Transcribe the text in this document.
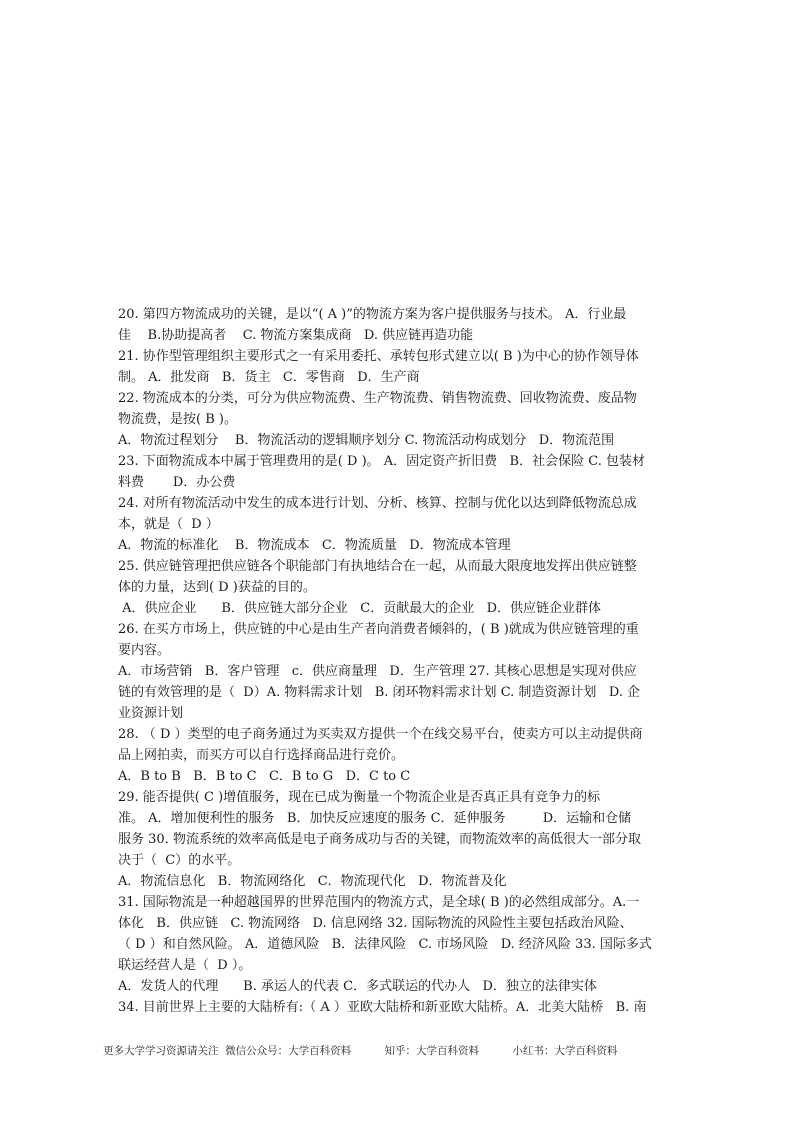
20. 第四方物流成功的关键，是以“( A )”的物流方案为客户提供服务与技术。 A．行业最
佳    B.协助提高者    C. 物流方案集成商   D. 供应链再造功能
21. 协作型管理组织主要形式之一有采用委托、承转包形式建立以( B )为中心的协作领导体
制。 A．批发商   B．货主   C．零售商   D．生产商
22. 物流成本的分类，可分为供应物流费、生产物流费、销售物流费、回收物流费、废品物
物流费，是按( B )。
A．物流过程划分    B．物流活动的逻辑顺序划分 C. 物流活动构成划分   D．物流范围
23. 下面物流成本中属于管理费用的是( D )。 A．固定资产折旧费   B．社会保险 C. 包装材
料费       D．办公费
24. 对所有物流活动中发生的成本进行计划、分析、核算、控制与优化以达到降低物流总成
本，就是（  D ）
A．物流的标准化    B．物流成本   C．物流质量   D．物流成本管理
25. 供应链管理把供应链各个职能部门有执地结合在一起，从而最大限度地发挥出供应链整
体的力量，达到( D )获益的目的。
A．供应企业      B．供应链大部分企业   C．贡献最大的企业   D．供应链企业群体
26. 在买方市场上，供应链的中心是由生产者向消费者倾斜的，( B )就成为供应链管理的重
要内容。
A．市场营销   B．客户管理   c．供应商量理   D．生产管理 27. 其核心思想是实现对供应
链的有效管理的是（  D）A. 物料需求计划   B. 闭环物料需求计划 C. 制造资源计划   D. 企
业资源计划
28. （ D ）类型的电子商务通过为买卖双方提供一个在线交易平台，使卖方可以主动提供商
品上网拍卖，而买方可以自行选择商品进行竞价。
A．B to B   B．B to C   C．B to G   D．C to C
29. 能否提供( C )增值服务，现在已成为衡量一个物流企业是否真正具有竞争力的标
准。 A．增加便利性的服务   B．加快反应速度的服务 C．延伸服务         D．运输和仓储
服务 30. 物流系统的效率高低是电子商务成功与否的关键，而物流效率的高低很大一部分取
决于（  C）的水平。
A．物流信息化   B．物流网络化   C．物流现代化   D．物流普及化
31. 国际物流是一种超越国界的世界范围内的物流方式，是全球( B )的必然组成部分。A.一
体化   B．供应链   C. 物流网络   D. 信息网络 32. 国际物流的风险性主要包括政治风险、
（ D ）和自然风险。 A．道德风险   B．法律风险   C. 市场风险   D. 经济风险 33. 国际多式
联运经营人是（  D ）。
A．发货人的代理      B. 承运人的代表 C．多式联运的代办人   D．独立的法律实体
34. 目前世界上主要的大陆桥有:（ A ）亚欧大陆桥和新亚欧大陆桥。A．北美大陆桥   B. 南
更多大学学习资源请关注  微信公众号：大学百科资料          知乎：大学百科资料          小红书：大学百科资料
